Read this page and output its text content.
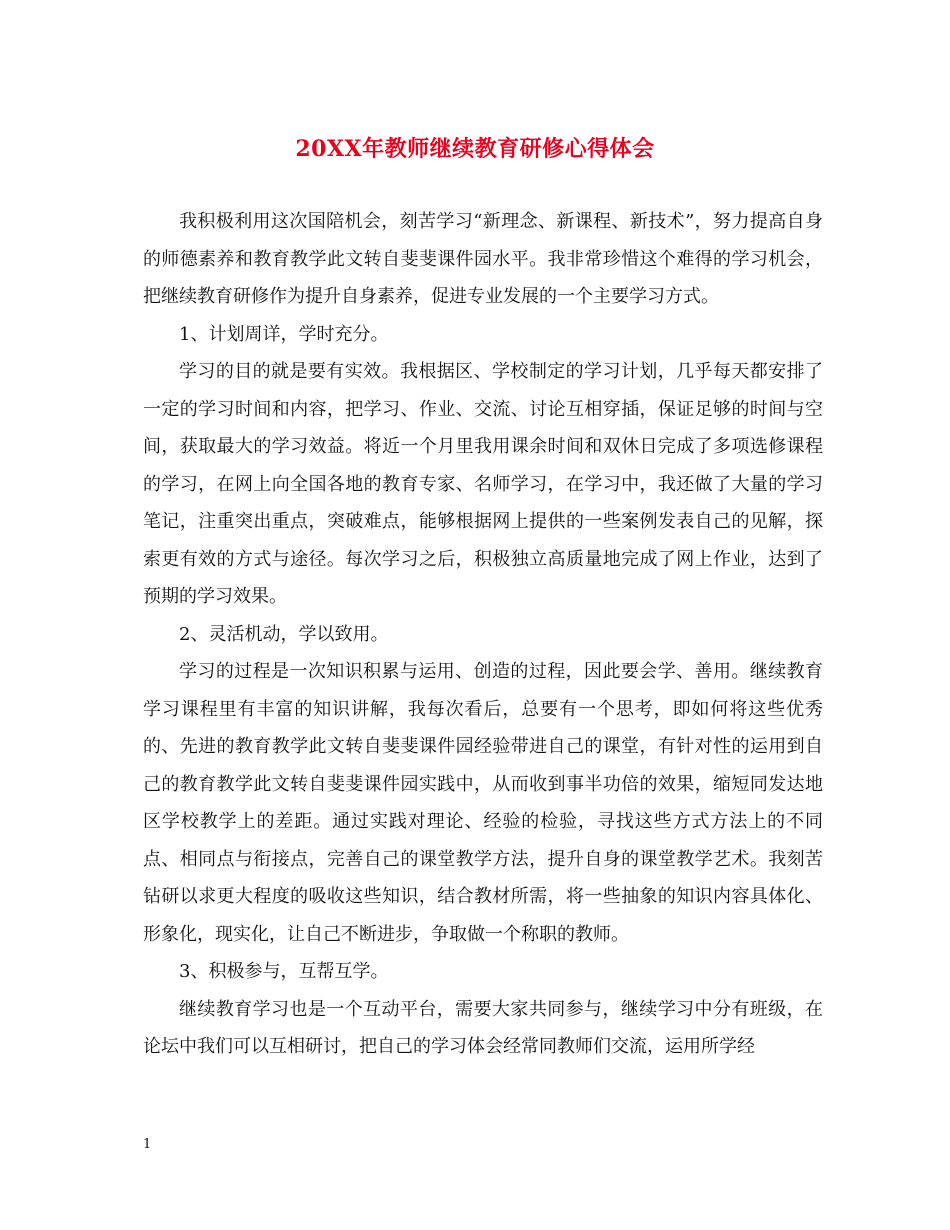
20XX年教师继续教育研修心得体会

我积极利用这次国陪机会，刻苦学习“新理念、新课程、新技术”，努力提高自身的师德素养和教育教学此文转自斐斐课件园水平。我非常珍惜这个难得的学习机会，把继续教育研修作为提升自身素养，促进专业发展的一个主要学习方式。

1、计划周详，学时充分。

学习的目的就是要有实效。我根据区、学校制定的学习计划，几乎每天都安排了一定的学习时间和内容，把学习、作业、交流、讨论互相穿插，保证足够的时间与空间，获取最大的学习效益。将近一个月里我用课余时间和双休日完成了多项选修课程的学习，在网上向全国各地的教育专家、名师学习，在学习中，我还做了大量的学习笔记，注重突出重点，突破难点，能够根据网上提供的一些案例发表自己的见解，探索更有效的方式与途径。每次学习之后，积极独立高质量地完成了网上作业，达到了预期的学习效果。

2、灵活机动，学以致用。

学习的过程是一次知识积累与运用、创造的过程，因此要会学、善用。继续教育学习课程里有丰富的知识讲解，我每次看后，总要有一个思考，即如何将这些优秀的、先进的教育教学此文转自斐斐课件园经验带进自己的课堂，有针对性的运用到自己的教育教学此文转自斐斐课件园实践中，从而收到事半功倍的效果，缩短同发达地区学校教学上的差距。通过实践对理论、经验的检验，寻找这些方式方法上的不同点、相同点与衔接点，完善自己的课堂教学方法，提升自身的课堂教学艺术。我刻苦钻研以求更大程度的吸收这些知识，结合教材所需，将一些抽象的知识内容具体化、形象化，现实化，让自己不断进步，争取做一个称职的教师。

3、积极参与，互帮互学。

继续教育学习也是一个互动平台，需要大家共同参与，继续学习中分有班级，在论坛中我们可以互相研讨，把自己的学习体会经常同教师们交流，运用所学经

1
